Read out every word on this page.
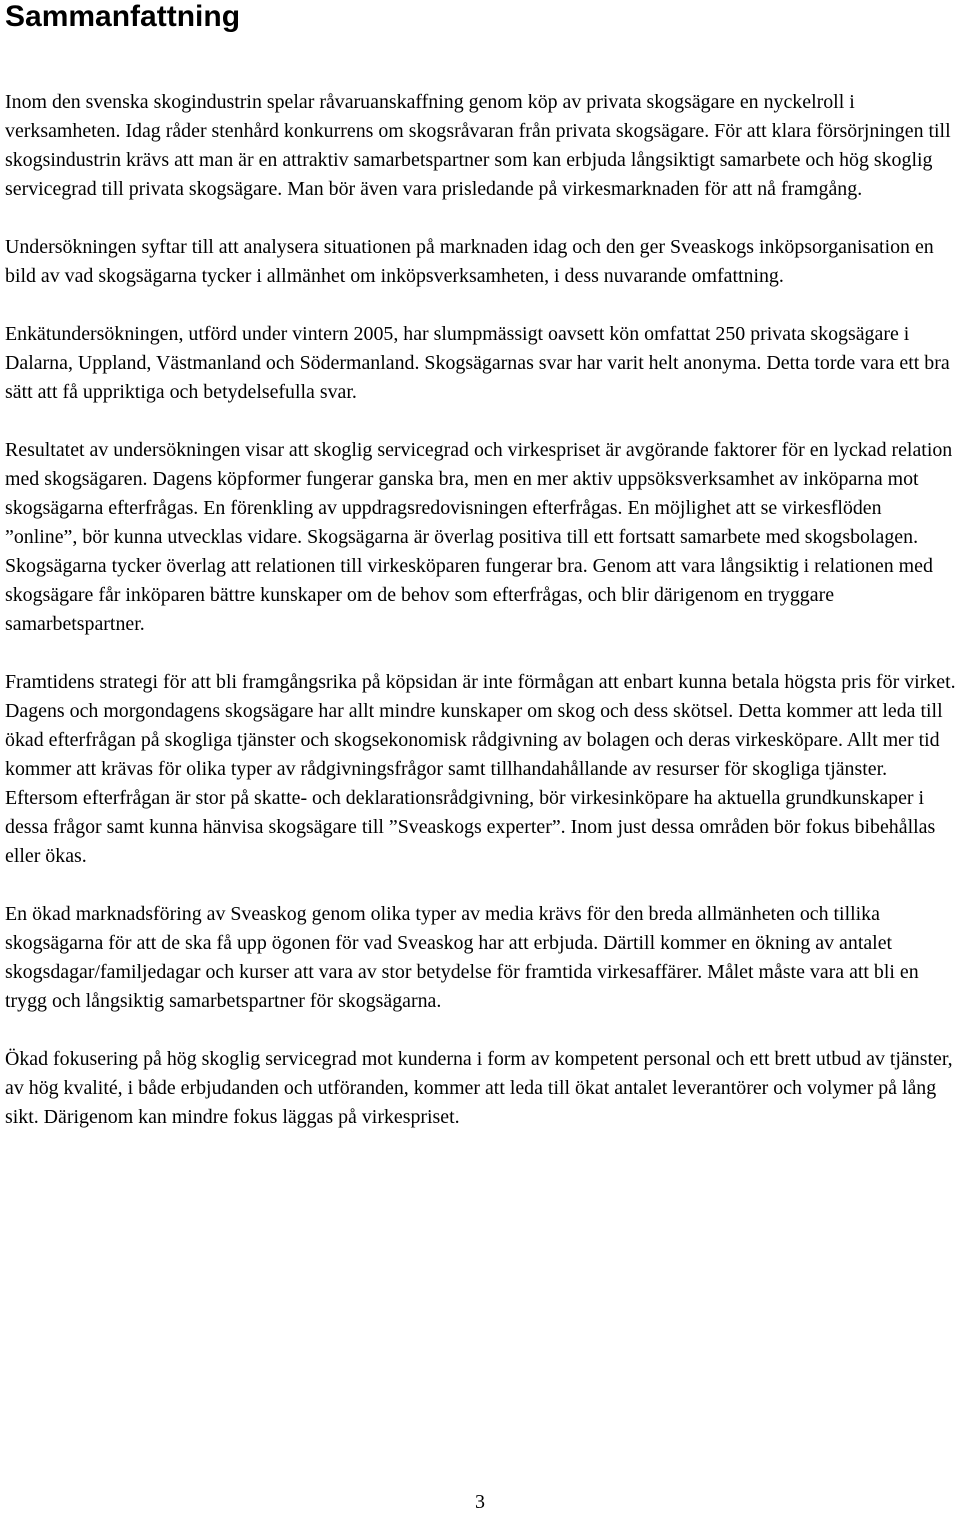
Sammanfattning

Inom den svenska skogindustrin spelar råvaruanskaffning genom köp av privata skogsägare en nyckelroll i verksamheten. Idag råder stenhård konkurrens om skogsråvaran från privata skogsägare. För att klara försörjningen till skogsindustrin krävs att man är en attraktiv samarbetspartner som kan erbjuda långsiktigt samarbete och hög skoglig servicegrad till privata skogsägare. Man bör även vara prisledande på virkesmarknaden för att nå framgång.

Undersökningen syftar till att analysera situationen på marknaden idag och den ger Sveaskogs inköpsorganisation en bild av vad skogsägarna tycker i allmänhet om inköpsverksamheten, i dess nuvarande omfattning.

Enkätundersökningen, utförd under vintern 2005, har slumpmässigt oavsett kön omfattat 250 privata skogsägare i Dalarna, Uppland, Västmanland och Södermanland. Skogsägarnas svar har varit helt anonyma. Detta torde vara ett bra sätt att få uppriktiga och betydelsefulla svar.

Resultatet av undersökningen visar att skoglig servicegrad och virkespriset är avgörande faktorer för en lyckad relation med skogsägaren. Dagens köpformer fungerar ganska bra, men en mer aktiv uppsöksverksamhet av inköparna mot skogsägarna efterfrågas. En förenkling av uppdragsredovisningen efterfrågas. En möjlighet att se virkesflöden ”online”, bör kunna utvecklas vidare. Skogsägarna är överlag positiva till ett fortsatt samarbete med skogsbolagen. Skogsägarna tycker överlag att relationen till virkesköparen fungerar bra. Genom att vara långsiktig i relationen med skogsägare får inköparen bättre kunskaper om de behov som efterfrågas, och blir därigenom en tryggare samarbetspartner.

Framtidens strategi för att bli framgångsrika på köpsidan är inte förmågan att enbart kunna betala högsta pris för virket. Dagens och morgondagens skogsägare har allt mindre kunskaper om skog och dess skötsel. Detta kommer att leda till ökad efterfrågan på skogliga tjänster och skogsekonomisk rådgivning av bolagen och deras virkesköpare. Allt mer tid kommer att krävas för olika typer av rådgivningsfrågor samt tillhandahållande av resurser för skogliga tjänster. Eftersom efterfrågan är stor på skatte- och deklarationsrådgivning, bör virkesinköpare ha aktuella grundkunskaper i dessa frågor samt kunna hänvisa skogsägare till ”Sveaskogs experter”. Inom just dessa områden bör fokus bibehållas eller ökas.

En ökad marknadsföring av Sveaskog genom olika typer av media krävs för den breda allmänheten och tillika skogsägarna för att de ska få upp ögonen för vad Sveaskog har att erbjuda. Därtill kommer en ökning av antalet skogsdagar/familjedagar och kurser att vara av stor betydelse för framtida virkesaffärer. Målet måste vara att bli en trygg och långsiktig samarbetspartner för skogsägarna.

Ökad fokusering på hög skoglig servicegrad mot kunderna i form av kompetent personal och ett brett utbud av tjänster, av hög kvalité, i både erbjudanden och utföranden, kommer att leda till ökat antalet leverantörer och volymer på lång sikt. Därigenom kan mindre fokus läggas på virkespriset.

3
